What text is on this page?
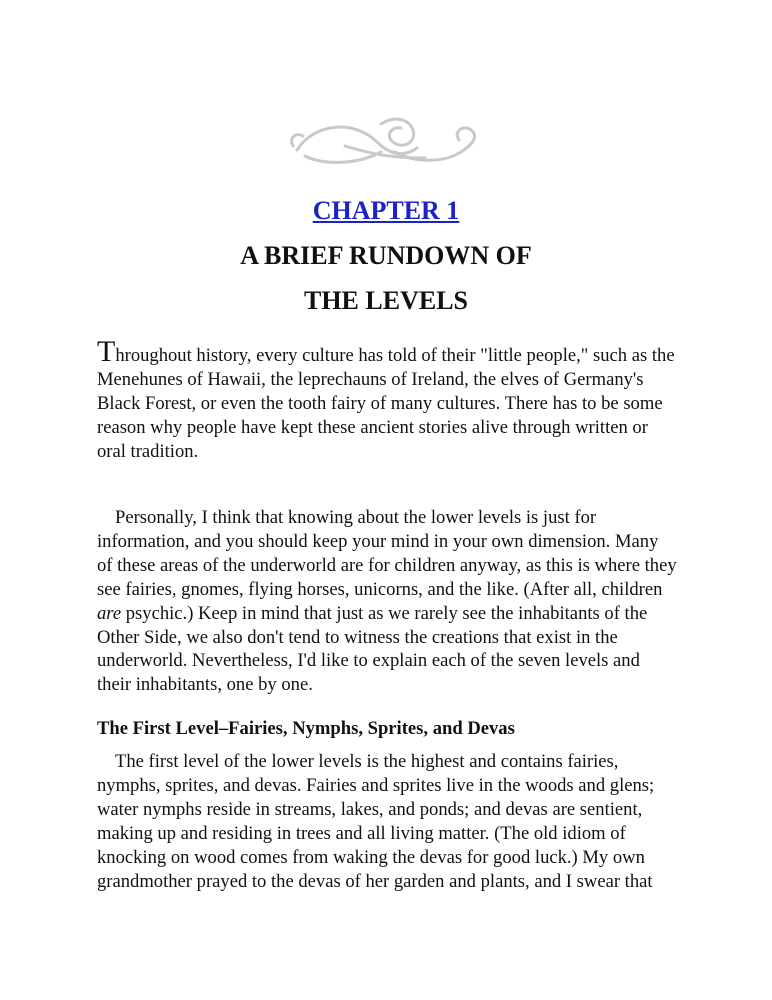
CHAPTER 1
A BRIEF RUNDOWN OF
THE LEVELS
Throughout history, every culture has told of their "little people," such as the Menehunes of Hawaii, the leprechauns of Ireland, the elves of Germany's Black Forest, or even the tooth fairy of many cultures. There has to be some reason why people have kept these ancient stories alive through written or oral tradition.
Personally, I think that knowing about the lower levels is just for information, and you should keep your mind in your own dimension. Many of these areas of the underworld are for children anyway, as this is where they see fairies, gnomes, flying horses, unicorns, and the like. (After all, children are psychic.) Keep in mind that just as we rarely see the inhabitants of the Other Side, we also don't tend to witness the creations that exist in the underworld. Nevertheless, I'd like to explain each of the seven levels and their inhabitants, one by one.
The First Level–Fairies, Nymphs, Sprites, and Devas
The first level of the lower levels is the highest and contains fairies, nymphs, sprites, and devas. Fairies and sprites live in the woods and glens; water nymphs reside in streams, lakes, and ponds; and devas are sentient, making up and residing in trees and all living matter. (The old idiom of knocking on wood comes from waking the devas for good luck.) My own grandmother prayed to the devas of her garden and plants, and I swear that
